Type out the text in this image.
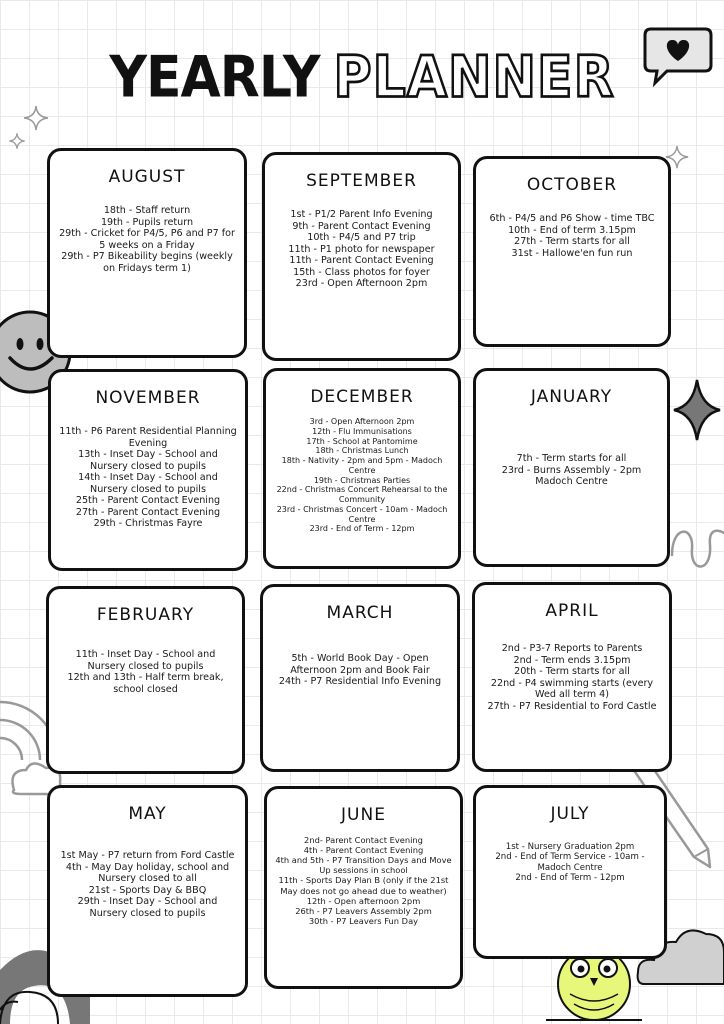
YEARLY PLANNER
AUGUST
18th - Staff return
19th - Pupils return
29th - Cricket for P4/5, P6 and P7 for 5 weeks on a Friday
29th - P7 Bikeability begins (weekly on Fridays term 1)
SEPTEMBER
1st - P1/2 Parent Info Evening
9th - Parent Contact Evening
10th - P4/5 and P7 trip
11th - P1 photo for newspaper
11th - Parent Contact Evening
15th - Class photos for foyer
23rd - Open Afternoon 2pm
OCTOBER
6th - P4/5 and P6 Show - time TBC
10th - End of term 3.15pm
27th - Term starts for all
31st - Hallowe'en fun run
NOVEMBER
11th - P6 Parent Residential Planning Evening
13th - Inset Day - School and Nursery closed to pupils
14th - Inset Day - School and Nursery closed to pupils
25th - Parent Contact Evening
27th - Parent Contact Evening
29th - Christmas Fayre
DECEMBER
3rd - Open Afternoon 2pm
12th - Flu Immunisations
17th - School at Pantomime
18th - Christmas Lunch
18th - Nativity - 2pm and 5pm - Madoch Centre
19th - Christmas Parties
22nd - Christmas Concert Rehearsal to the Community
23rd - Christmas Concert - 10am - Madoch Centre
23rd - End of Term - 12pm
JANUARY
7th - Term starts for all
23rd - Burns Assembly - 2pm Madoch Centre
FEBRUARY
11th - Inset Day - School and Nursery closed to pupils
12th and 13th - Half term break, school closed
MARCH
5th - World Book Day - Open Afternoon 2pm and Book Fair
24th - P7 Residential Info Evening
APRIL
2nd - P3-7 Reports to Parents
2nd - Term ends 3.15pm
20th - Term starts for all
22nd - P4 swimming starts (every Wed all term 4)
27th - P7 Residential to Ford Castle
MAY
1st May - P7 return from Ford Castle
4th - May Day holiday, school and Nursery closed to all
21st - Sports Day & BBQ
29th - Inset Day - School and Nursery closed to pupils
JUNE
2nd- Parent Contact Evening
4th - Parent Contact Evening
4th and 5th - P7 Transition Days and Move Up sessions in school
11th - Sports Day Plan B (only if the 21st May does not go ahead due to weather)
12th - Open afternoon 2pm
26th - P7 Leavers Assembly 2pm
30th - P7 Leavers Fun Day
JULY
1st - Nursery Graduation 2pm
2nd - End of Term Service - 10am - Madoch Centre
2nd - End of Term - 12pm
